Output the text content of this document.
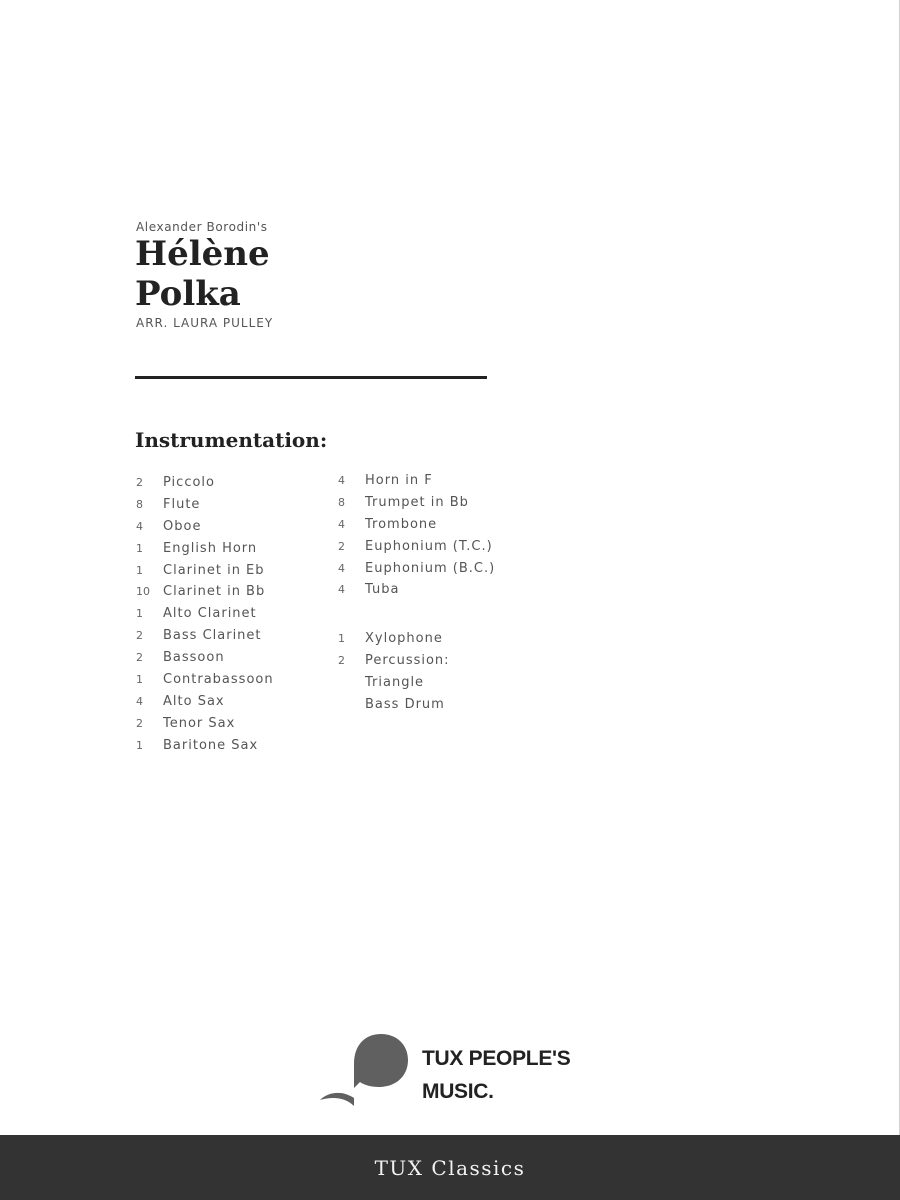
Alexander Borodin's
Hélène
Polka
ARR. LAURA PULLEY
Instrumentation:
2	Piccolo
8	Flute
4	Oboe
1	English Horn
1	Clarinet in Eb
10	Clarinet in Bb
1	Alto Clarinet
2	Bass Clarinet
2	Bassoon
1	Contrabassoon
4	Alto Sax
2	Tenor Sax
1	Baritone Sax
4	Horn in F
8	Trumpet in Bb
4	Trombone
2	Euphonium (T.C.)
4	Euphonium (B.C.)
4	Tuba
1	Xylophone
2	Percussion:
Triangle
Bass Drum
TUX PEOPLE'S
MUSIC.
TUX Classics
